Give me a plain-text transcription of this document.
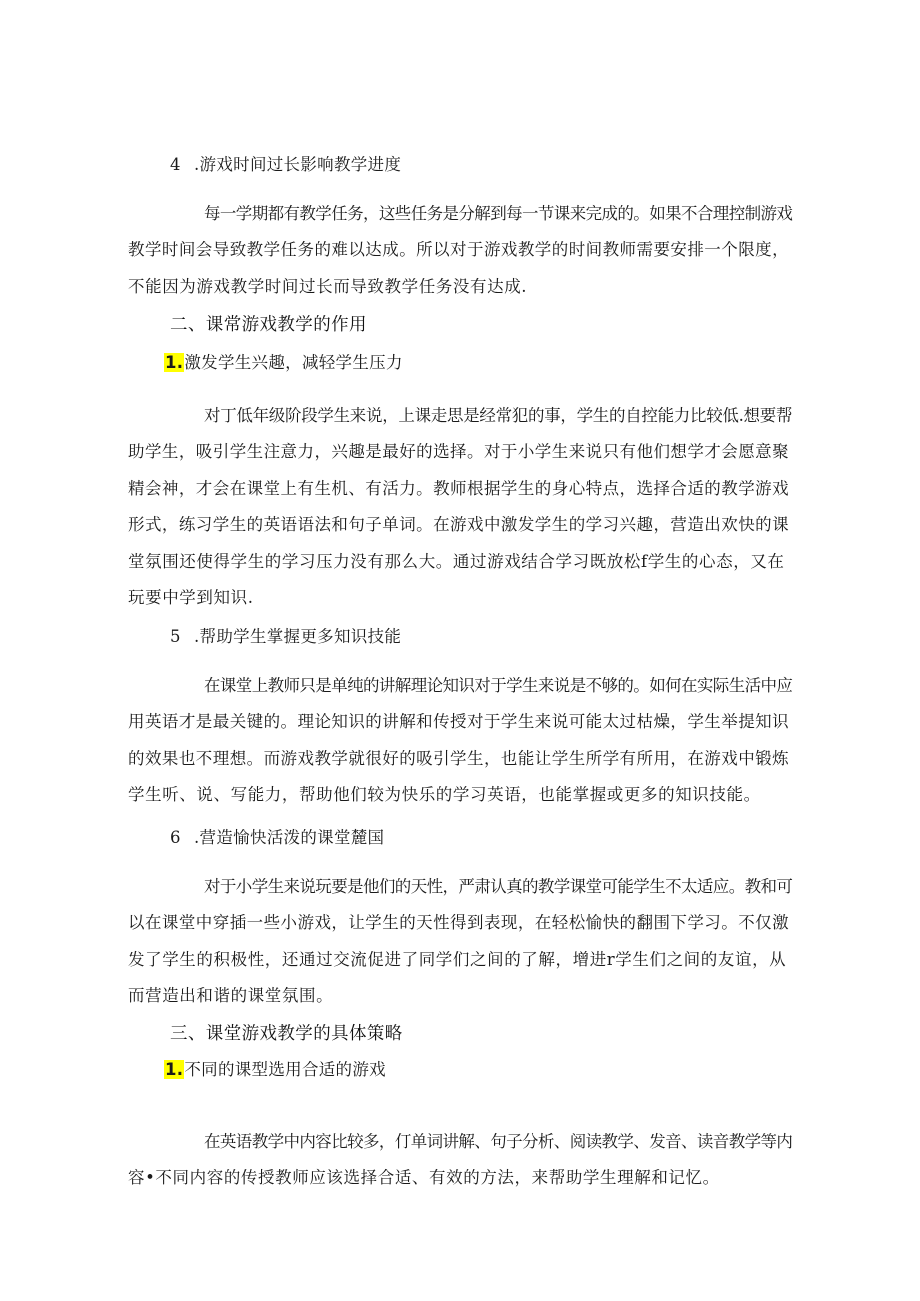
4 .游戏时间过长影响教学进度
每一学期都有教学任务，这些任务是分解到每一节课来完成的。如果不合理控制游戏
教学时间会导致教学任务的难以达成。所以对于游戏教学的时间教师需要安排一个限度，
不能因为游戏教学时间过长而导致教学任务没有达成.
二、课常游戏教学的作用
1.激发学生兴趣，减轻学生压力
对丁低年级阶段学生来说，上课走思是经常犯的事，学生的自控能力比较低.想要帮
助学生，吸引学生注意力，兴趣是最好的选择。对于小学生来说只有他们想学才会愿意聚
精会神，才会在课堂上有生机、有活力。教师根据学生的身心特点，选择合适的教学游戏
形式，练习学生的英语语法和句子单词。在游戏中激发学生的学习兴趣，营造出欢快的课
堂氛围还使得学生的学习压力没有那么大。通过游戏结合学习既放松f学生的心态，又在
玩要中学到知识.
5 .帮助学生掌握更多知识技能
在课堂上教师只是单纯的讲解理论知识对于学生来说是不够的。如何在实际生活中应
用英语才是最关键的。理论知识的讲解和传授对于学生来说可能太过枯燥，学生举提知识
的效果也不理想。而游戏教学就很好的吸引学生，也能让学生所学有所用，在游戏中锻炼
学生听、说、写能力，帮助他们较为快乐的学习英语，也能掌握或更多的知识技能。
6 .营造愉快活泼的课堂麓国
对于小学生来说玩要是他们的天性，严肃认真的教学课堂可能学生不太适应。教和可
以在课堂中穿插一些小游戏，让学生的天性得到表现，在轻松愉快的翻围下学习。不仅激
发了学生的积极性，还通过交流促进了同学们之间的了解，增进r学生们之间的友谊，从
而营造出和谐的课堂氛围。
三、课堂游戏教学的具体策略
1.不同的课型选用合适的游戏
在英语教学中内容比较多，仃单词讲解、句子分析、阅读教学、发音、读音教学等内
容•不同内容的传授教师应该选择合适、有效的方法，来帮助学生理解和记忆。
